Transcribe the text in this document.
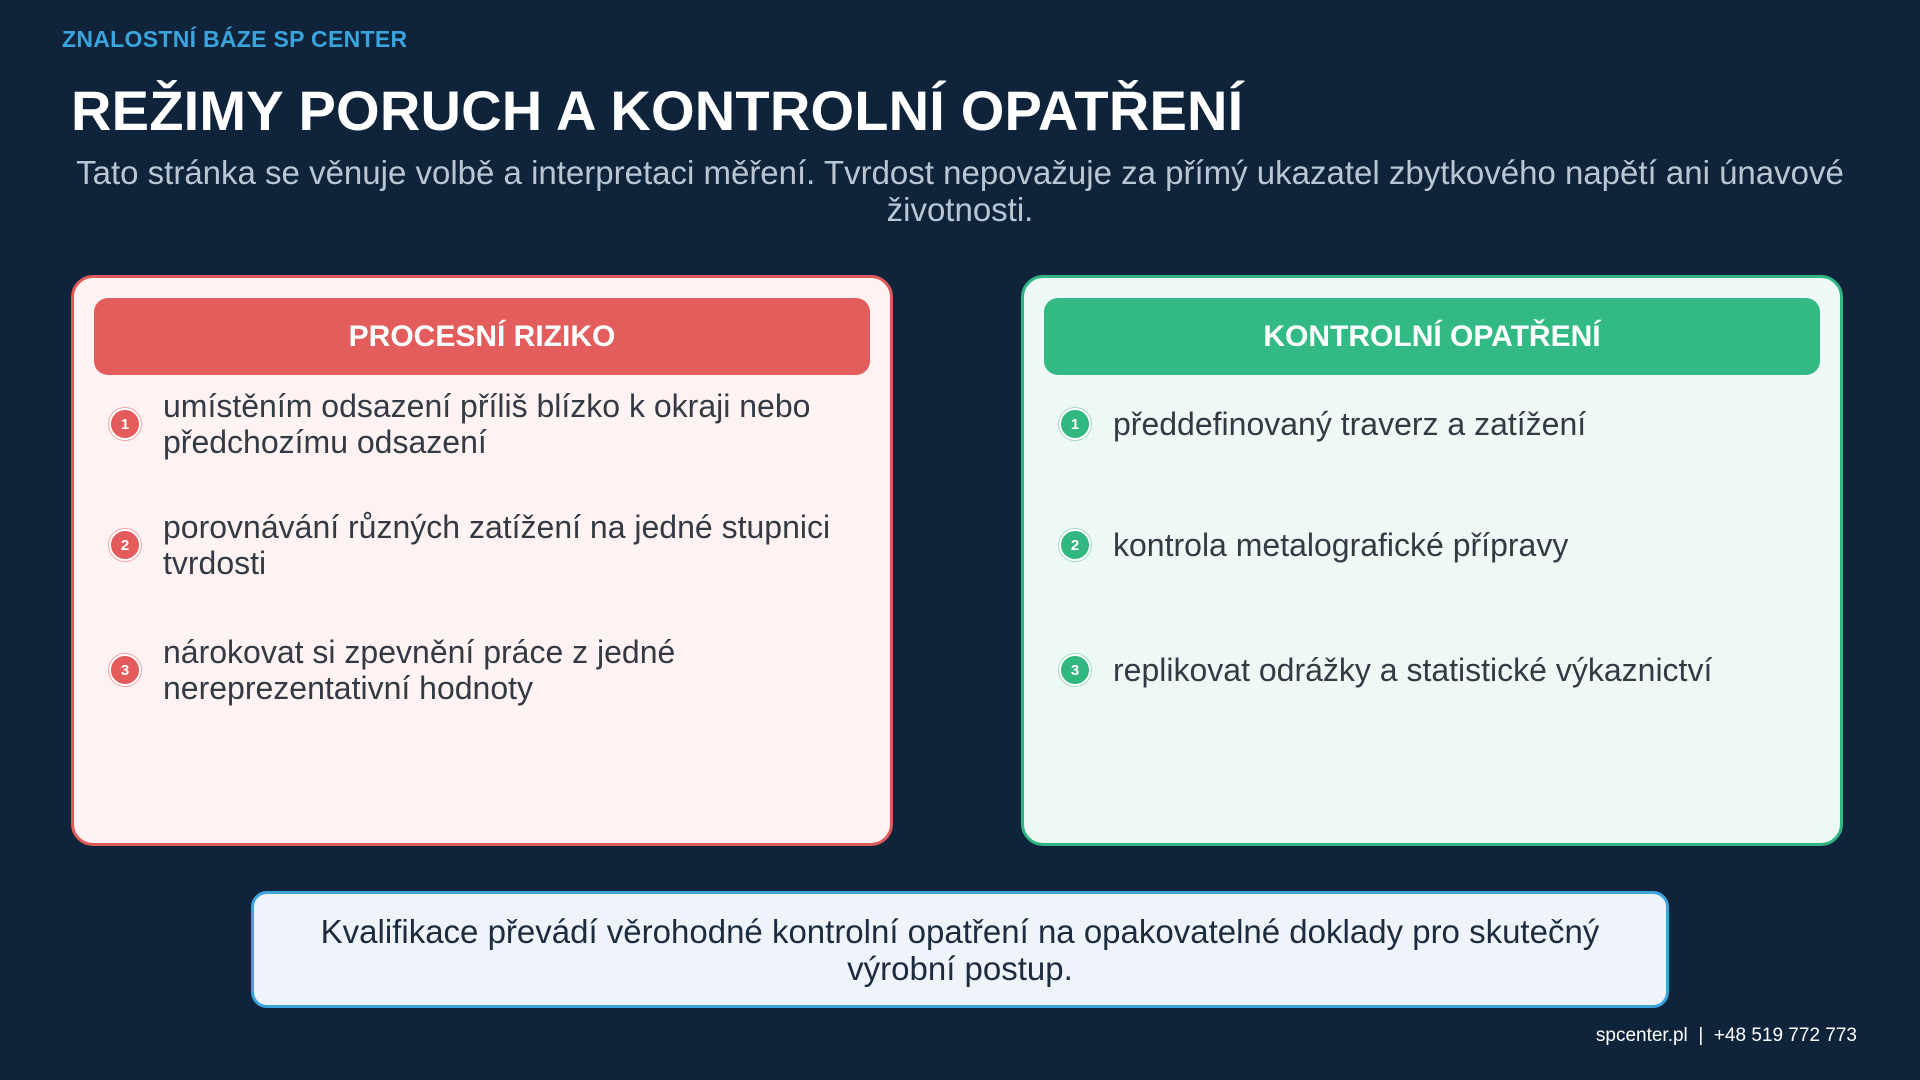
ZNALOSTNÍ BÁZE SP CENTER
REŽIMY PORUCH A KONTROLNÍ OPATŘENÍ
Tato stránka se věnuje volbě a interpretaci měření. Tvrdost nepovažuje za přímý ukazatel zbytkového napětí ani únavové životnosti.
PROCESNÍ RIZIKO
1	umístěním odsazení příliš blízko k okraji nebo předchozímu odsazení
2	porovnávání různých zatížení na jedné stupnici tvrdosti
3	nárokovat si zpevnění práce z jedné nereprezentativní hodnoty
KONTROLNÍ OPATŘENÍ
1	předdefinovaný traverz a zatížení
2	kontrola metalografické přípravy
3	replikovat odrážky a statistické výkaznictví
Kvalifikace převádí věrohodné kontrolní opatření na opakovatelné doklady pro skutečný výrobní postup.
spcenter.pl  |  +48 519 772 773
